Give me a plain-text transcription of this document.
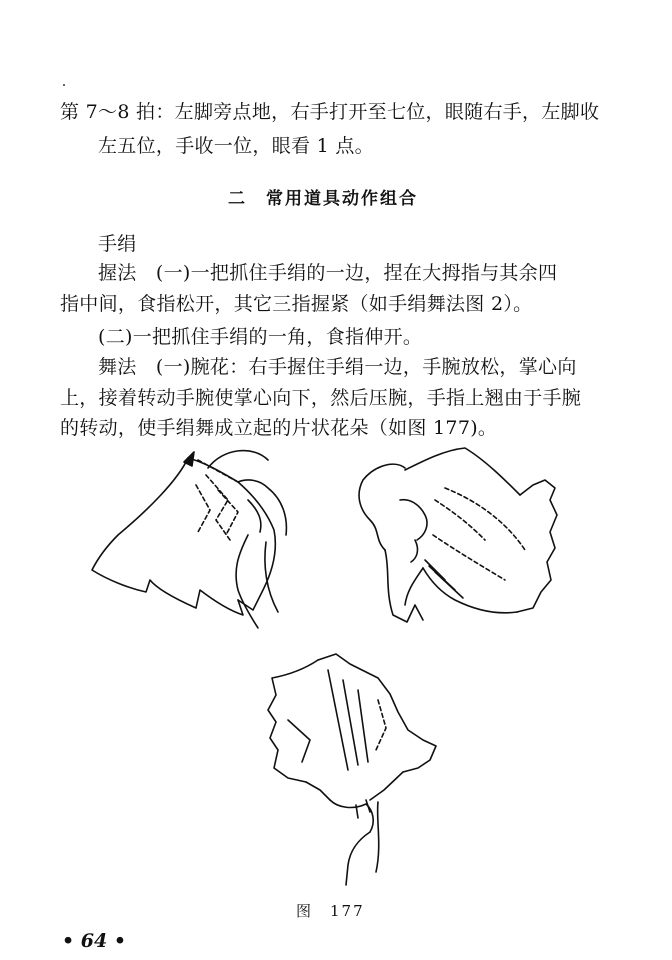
第 7～8 拍：左脚旁点地，右手打开至七位，眼随右手，左脚收
左五位，手收一位，眼看 1 点。
二　常用道具动作组合
手绢
握法　(一)一把抓住手绢的一边，捏在大拇指与其余四
指中间，食指松开，其它三指握紧（如手绢舞法图 2）。
(二)一把抓住手绢的一角，食指伸开。
舞法　(一)腕花：右手握住手绢一边，手腕放松，掌心向
上，接着转动手腕使掌心向下，然后压腕，手指上翘由于手腕
的转动，使手绢舞成立起的片状花朵（如图 177)。
图　177
• 64 •
